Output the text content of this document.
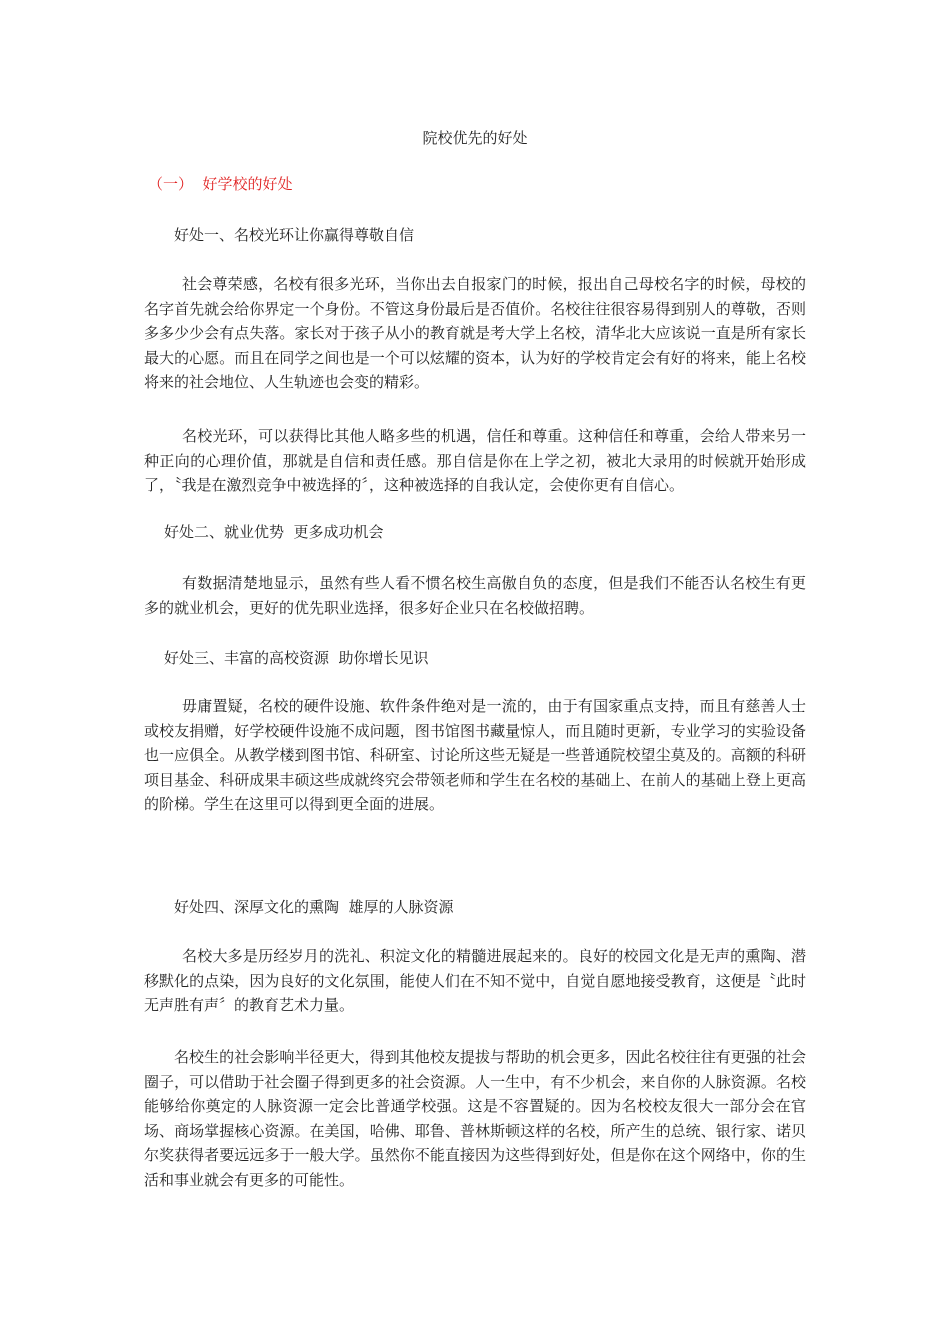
院校优先的好处
（一）  好学校的好处
好处一、名校光环让你赢得尊敬自信

社会尊荣感，名校有很多光环，当你出去自报家门的时候，报出自己母校名字的时候，母校的名字首先就会给你界定一个身份。不管这身份最后是否值价。名校往往很容易得到别人的尊敬，否则多多少少会有点失落。家长对于孩子从小的教育就是考大学上名校，清华北大应该说一直是所有家长最大的心愿。而且在同学之间也是一个可以炫耀的资本，认为好的学校肯定会有好的将来，能上名校将来的社会地位、人生轨迹也会变的精彩。

名校光环，可以获得比其他人略多些的机遇，信任和尊重。这种信任和尊重，会给人带来另一种正向的心理价值，那就是自信和责任感。那自信是你在上学之初，被北大录用的时候就开始形成了，〝我是在激烈竞争中被选择的〞，这种被选择的自我认定，会使你更有自信心。

好处二、就业优势  更多成功机会

有数据清楚地显示，虽然有些人看不惯名校生高傲自负的态度，但是我们不能否认名校生有更多的就业机会，更好的优先职业选择，很多好企业只在名校做招聘。

好处三、丰富的高校资源  助你增长见识

毋庸置疑，名校的硬件设施、软件条件绝对是一流的，由于有国家重点支持，而且有慈善人士或校友捐赠，好学校硬件设施不成问题，图书馆图书藏量惊人，而且随时更新，专业学习的实验设备也一应俱全。从教学楼到图书馆、科研室、讨论所这些无疑是一些普通院校望尘莫及的。高额的科研项目基金、科研成果丰硕这些成就终究会带领老师和学生在名校的基础上、在前人的基础上登上更高的阶梯。学生在这里可以得到更全面的进展。

好处四、深厚文化的熏陶  雄厚的人脉资源

名校大多是历经岁月的洗礼、积淀文化的精髓进展起来的。良好的校园文化是无声的熏陶、潜移默化的点染，因为良好的文化氛围，能使人们在不知不觉中，自觉自愿地接受教育，这便是〝此时无声胜有声〞的教育艺术力量。

名校生的社会影响半径更大，得到其他校友提拔与帮助的机会更多，因此名校往往有更强的社会圈子，可以借助于社会圈子得到更多的社会资源。人一生中，有不少机会，来自你的人脉资源。名校能够给你奠定的人脉资源一定会比普通学校强。这是不容置疑的。因为名校校友很大一部分会在官场、商场掌握核心资源。在美国，哈佛、耶鲁、普林斯顿这样的名校，所产生的总统、银行家、诺贝尔奖获得者要远远多于一般大学。虽然你不能直接因为这些得到好处，但是你在这个网络中，你的生活和事业就会有更多的可能性。
